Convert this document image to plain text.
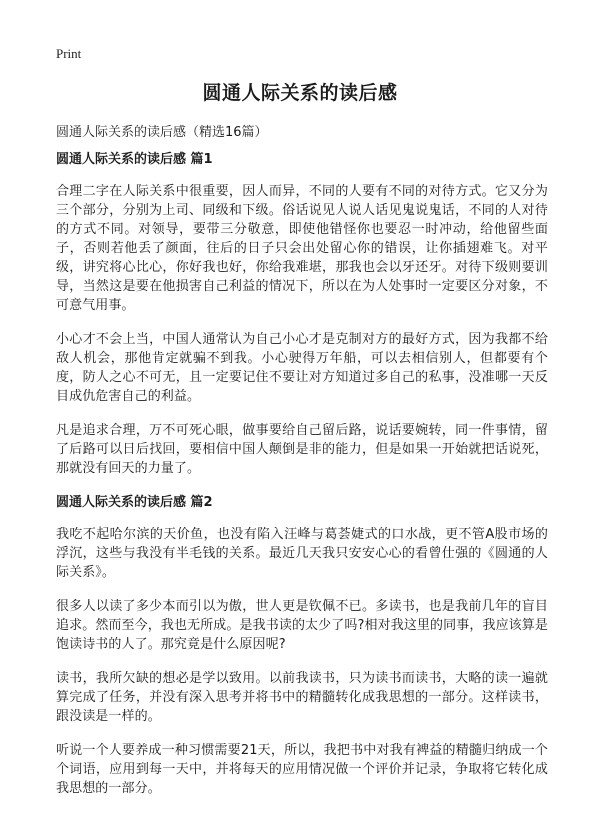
Print
圆通人际关系的读后感

圆通人际关系的读后感（精选16篇）

圆通人际关系的读后感 篇1

合理二字在人际关系中很重要，因人而异，不同的人要有不同的对待方式。它又分为三个部分，分别为上司、同级和下级。俗话说见人说人话见鬼说鬼话，不同的人对待的方式不同。对领导，要带三分敬意，即使他错怪你也要忍一时冲动，给他留些面子，否则若他丢了颜面，往后的日子只会出处留心你的错误，让你插翅难飞。对平级，讲究将心比心，你好我也好，你给我难堪，那我也会以牙还牙。对待下级则要训导，当然这是要在他损害自己利益的情况下，所以在为人处事时一定要区分对象，不可意气用事。

小心才不会上当，中国人通常认为自己小心才是克制对方的最好方式，因为我都不给敌人机会，那他肯定就骗不到我。小心驶得万年船，可以去相信别人，但都要有个度，防人之心不可无，且一定要记住不要让对方知道过多自己的私事，没准哪一天反目成仇危害自己的利益。

凡是追求合理，万不可死心眼，做事要给自己留后路，说话要婉转，同一件事情，留了后路可以日后找回，要相信中国人颠倒是非的能力，但是如果一开始就把话说死，那就没有回天的力量了。

圆通人际关系的读后感 篇2

我吃不起哈尔滨的天价鱼，也没有陷入汪峰与葛荟婕式的口水战，更不管A股市场的浮沉，这些与我没有半毛钱的关系。最近几天我只安安心心的看曾仕强的《圆通的人际关系》。

很多人以读了多少本而引以为傲，世人更是钦佩不已。多读书，也是我前几年的盲目追求。然而至今，我也无所成。是我书读的太少了吗?相对我这里的同事，我应该算是饱读诗书的人了。那究竟是什么原因呢?

读书，我所欠缺的想必是学以致用。以前我读书，只为读书而读书，大略的读一遍就算完成了任务，并没有深入思考并将书中的精髓转化成我思想的一部分。这样读书，跟没读是一样的。

听说一个人要养成一种习惯需要21天，所以，我把书中对我有裨益的精髓归纳成一个个词语，应用到每一天中，并将每天的应用情况做一个评价并记录，争取将它转化成我思想的一部分。
